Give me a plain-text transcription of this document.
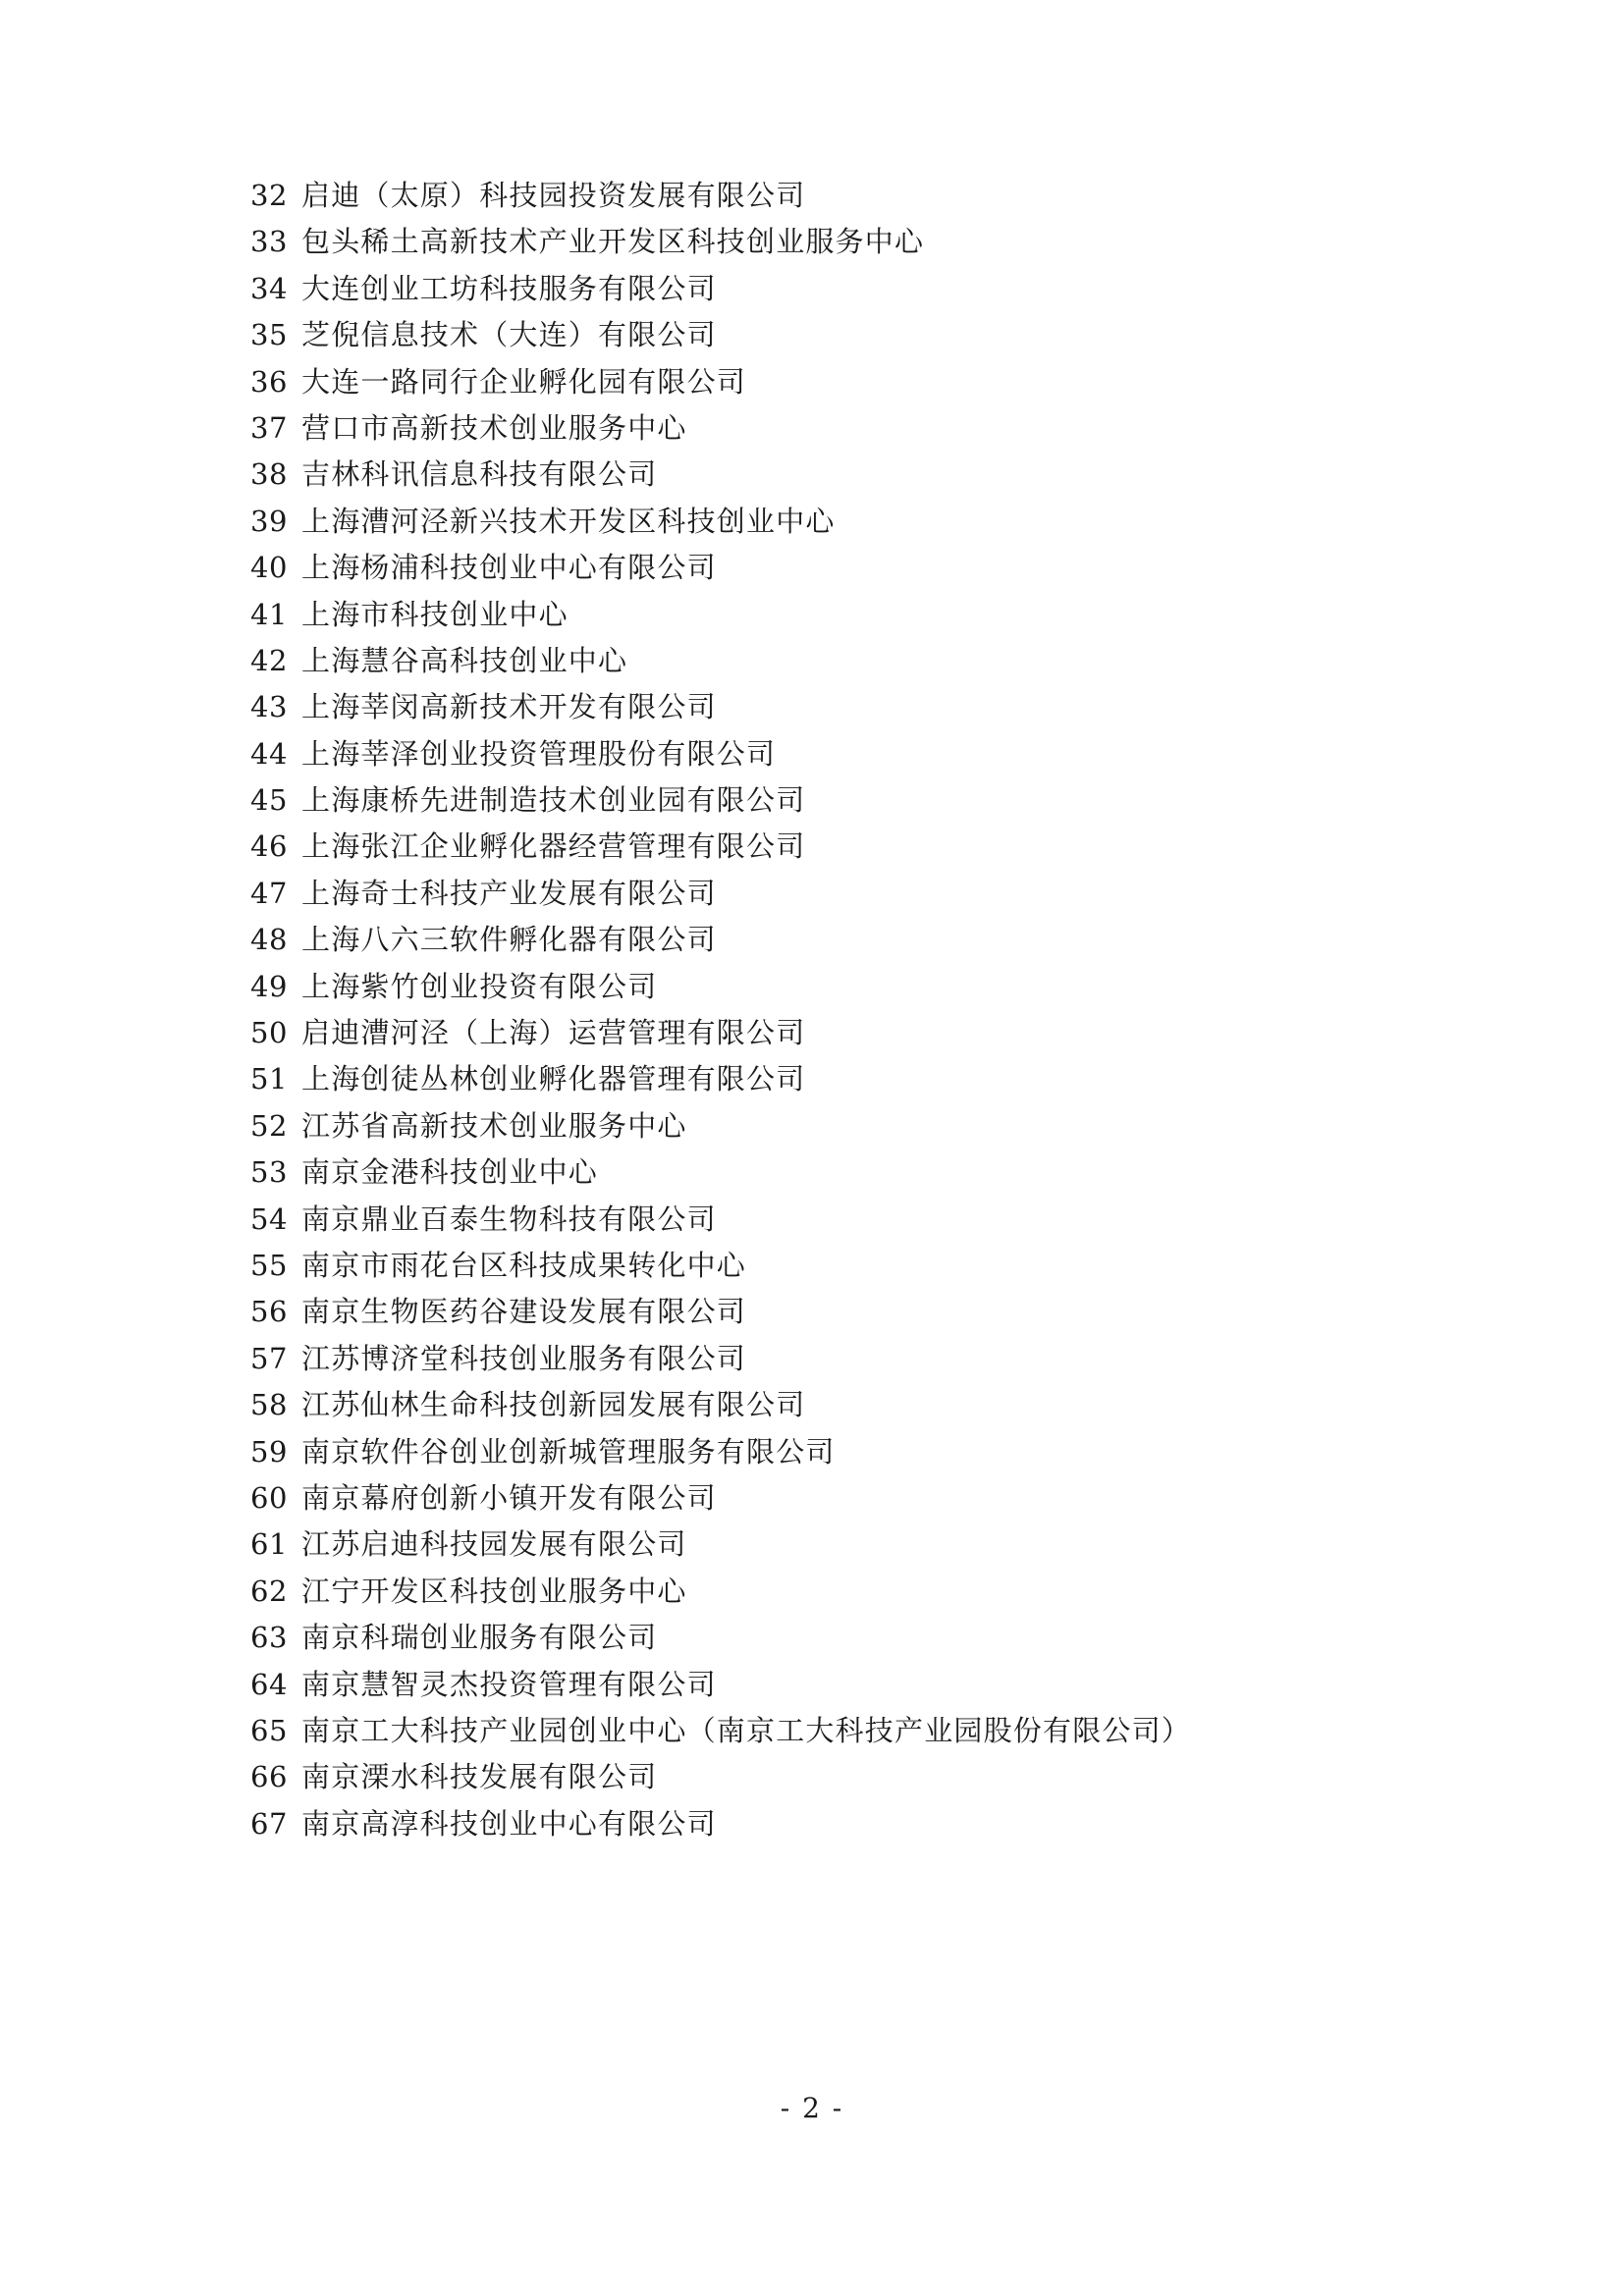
32 启迪（太原）科技园投资发展有限公司
33 包头稀土高新技术产业开发区科技创业服务中心
34 大连创业工坊科技服务有限公司
35 芝倪信息技术（大连）有限公司
36 大连一路同行企业孵化园有限公司
37 营口市高新技术创业服务中心
38 吉林科讯信息科技有限公司
39 上海漕河泾新兴技术开发区科技创业中心
40 上海杨浦科技创业中心有限公司
41 上海市科技创业中心
42 上海慧谷高科技创业中心
43 上海莘闵高新技术开发有限公司
44 上海莘泽创业投资管理股份有限公司
45 上海康桥先进制造技术创业园有限公司
46 上海张江企业孵化器经营管理有限公司
47 上海奇士科技产业发展有限公司
48 上海八六三软件孵化器有限公司
49 上海紫竹创业投资有限公司
50 启迪漕河泾（上海）运营管理有限公司
51 上海创徒丛林创业孵化器管理有限公司
52 江苏省高新技术创业服务中心
53 南京金港科技创业中心
54 南京鼎业百泰生物科技有限公司
55 南京市雨花台区科技成果转化中心
56 南京生物医药谷建设发展有限公司
57 江苏博济堂科技创业服务有限公司
58 江苏仙林生命科技创新园发展有限公司
59 南京软件谷创业创新城管理服务有限公司
60 南京幕府创新小镇开发有限公司
61 江苏启迪科技园发展有限公司
62 江宁开发区科技创业服务中心
63 南京科瑞创业服务有限公司
64 南京慧智灵杰投资管理有限公司
65 南京工大科技产业园创业中心（南京工大科技产业园股份有限公司）
66 南京溧水科技发展有限公司
67 南京高淳科技创业中心有限公司
- 2 -
